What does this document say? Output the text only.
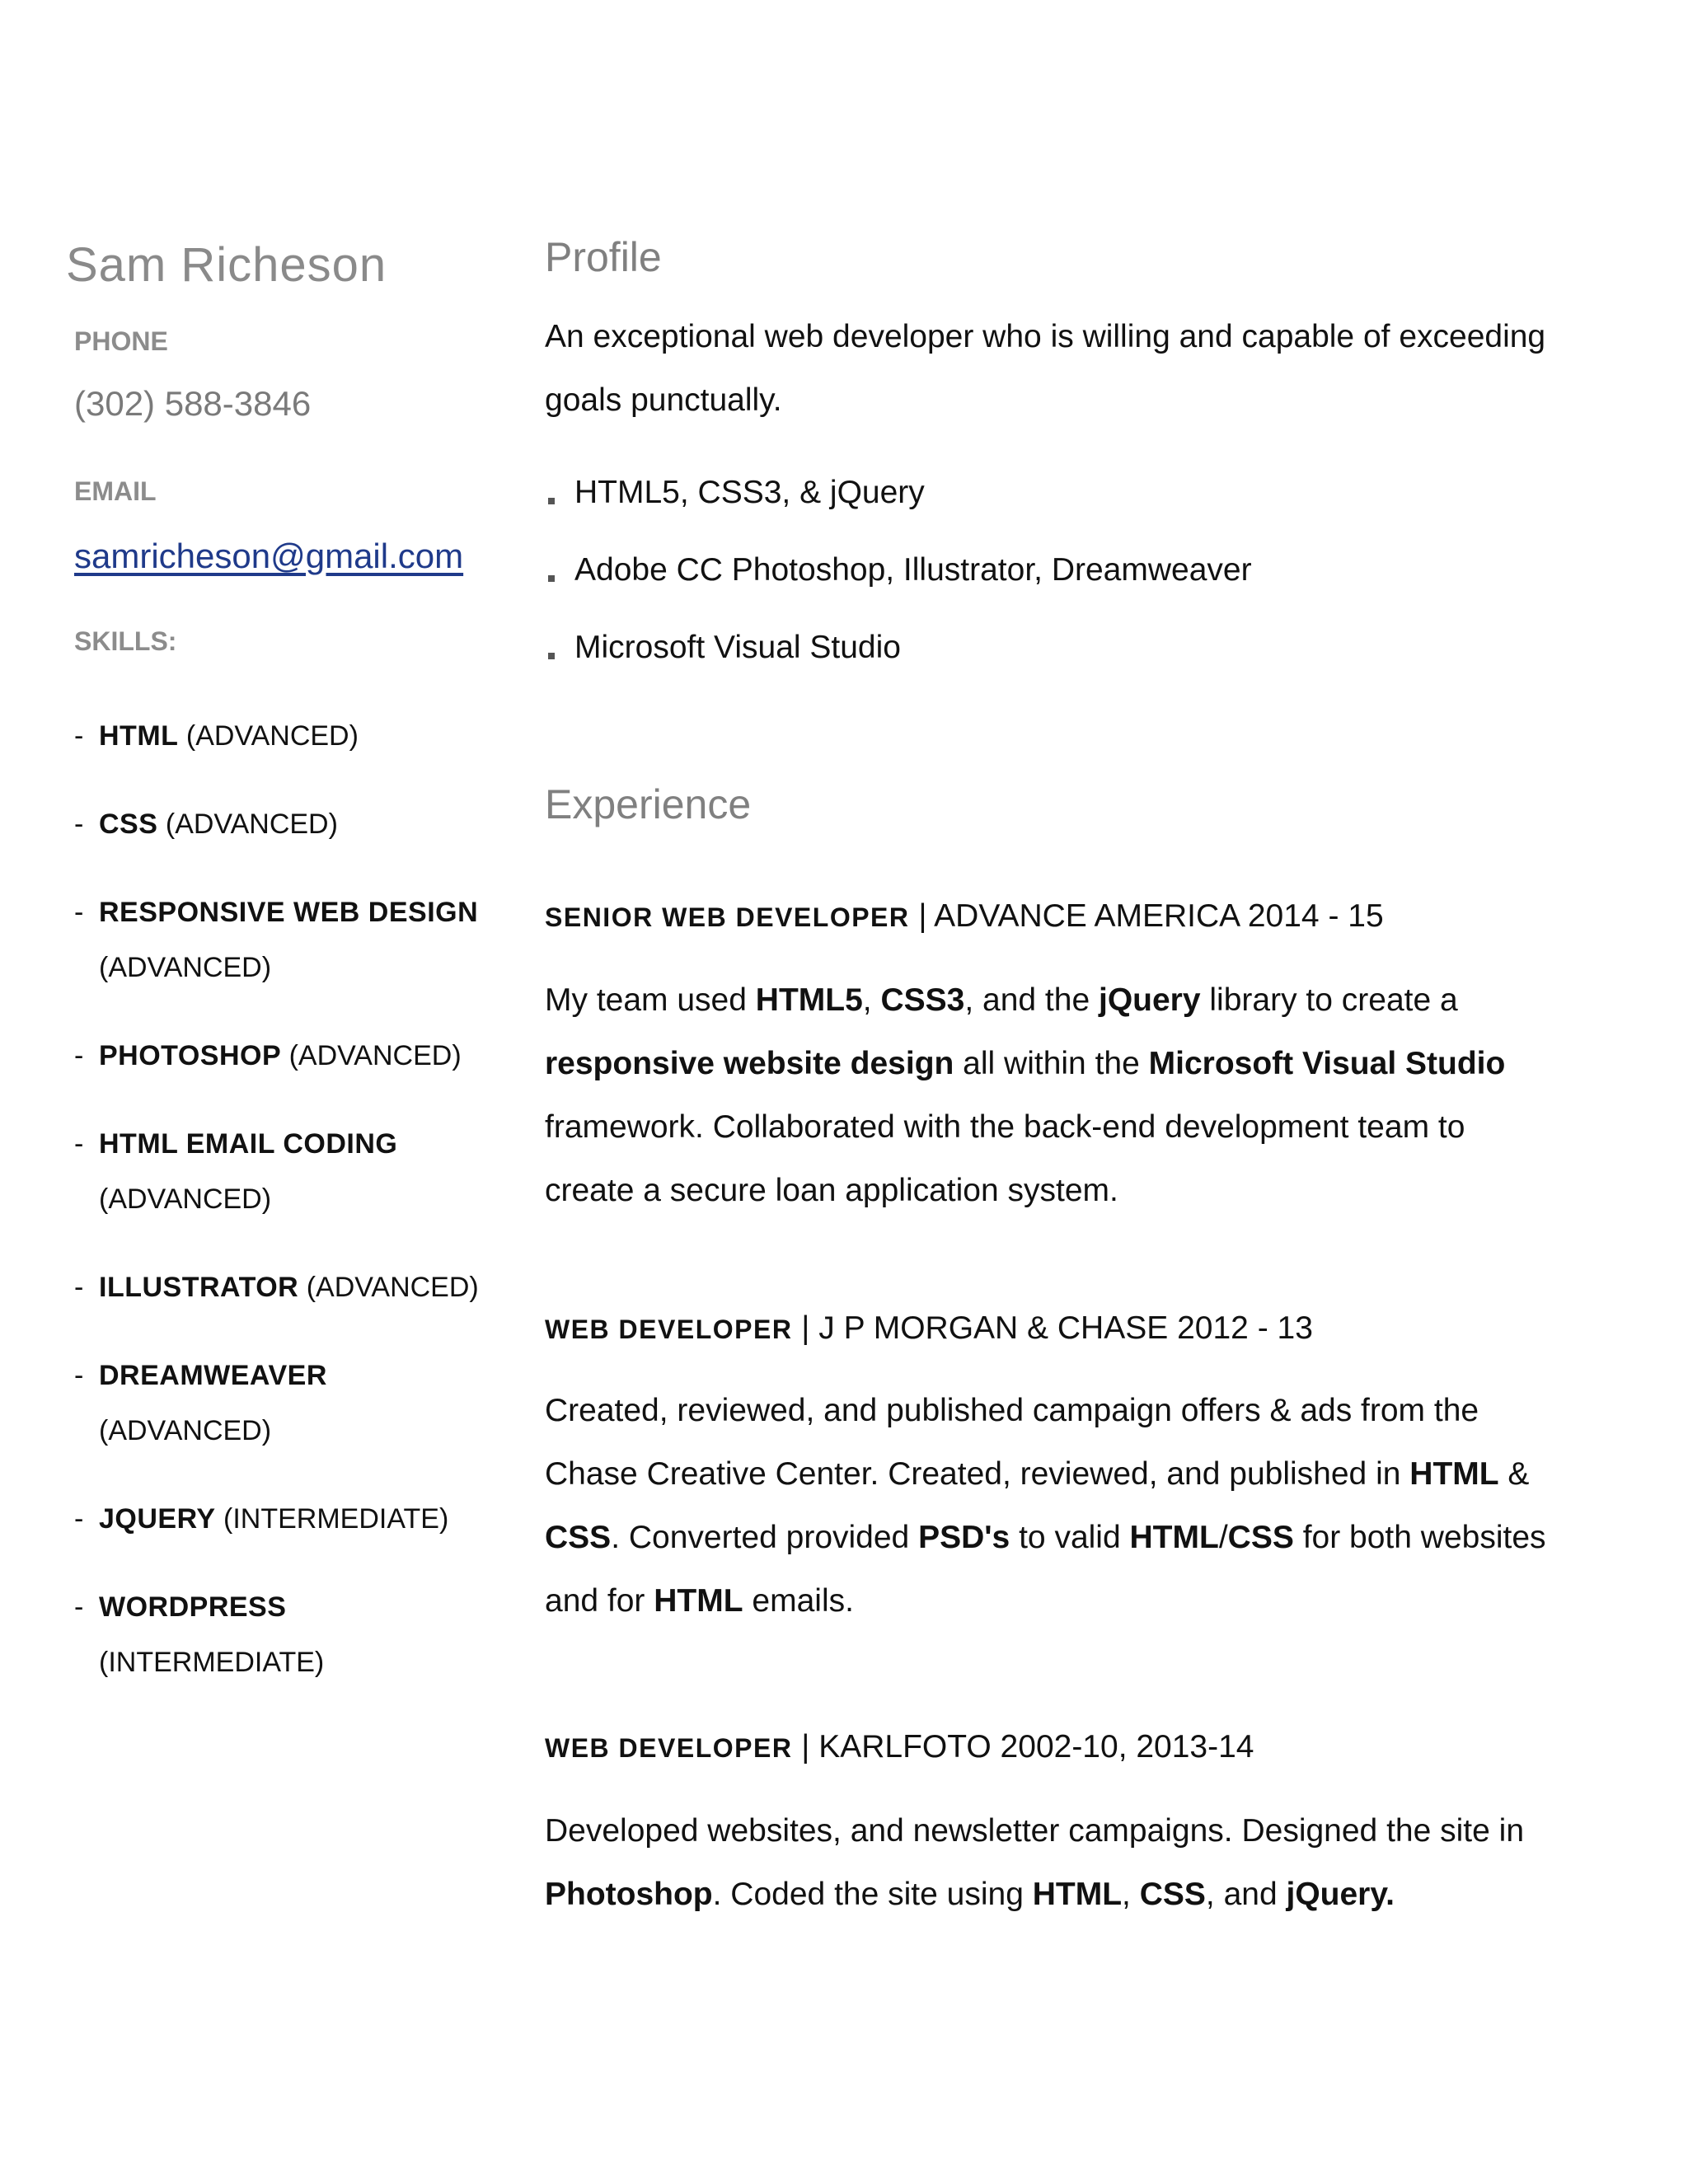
Sam Richeson
PHONE
(302) 588-3846
EMAIL
samricheson@gmail.com
SKILLS:
- HTML (ADVANCED)
- CSS (ADVANCED)
- RESPONSIVE WEB DESIGN (ADVANCED)
- PHOTOSHOP (ADVANCED)
- HTML EMAIL CODING (ADVANCED)
- ILLUSTRATOR (ADVANCED)
- DREAMWEAVER (ADVANCED)
- JQUERY (INTERMEDIATE)
- WORDPRESS (INTERMEDIATE)
Profile

An exceptional web developer who is willing and capable of exceeding goals punctually.

HTML5, CSS3, & jQuery
Adobe CC Photoshop, Illustrator, Dreamweaver
Microsoft Visual Studio
Experience
SENIOR WEB DEVELOPER | ADVANCE AMERICA 2014 - 15

My team used HTML5, CSS3, and the jQuery library to create a responsive website design all within the Microsoft Visual Studio framework. Collaborated with the back-end development team to create a secure loan application system.

WEB DEVELOPER | J P MORGAN & CHASE 2012 - 13

Created, reviewed, and published campaign offers & ads from the Chase Creative Center. Created, reviewed, and published in HTML & CSS. Converted provided PSD's to valid HTML/CSS for both websites and for HTML emails.

WEB DEVELOPER | KARLFOTO 2002-10, 2013-14

Developed websites, and newsletter campaigns. Designed the site in Photoshop. Coded the site using HTML, CSS, and jQuery.
